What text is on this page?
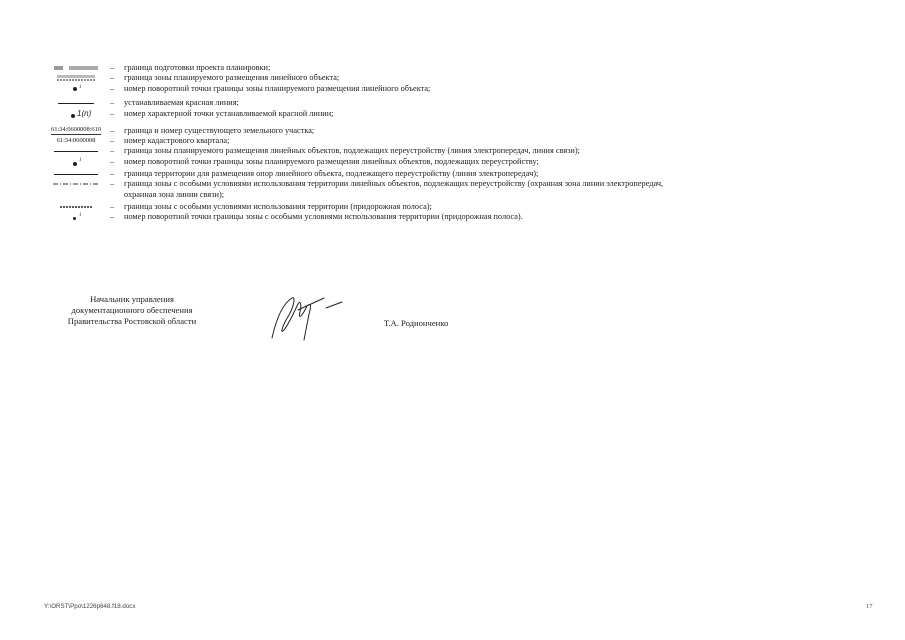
–	граница подготовки проекта планировки;
–	граница зоны планируемого размещения линейного объекта;
1	–	номер поворотной точки границы зоны планируемого размещения линейного объекта;
–	устанавливаемая красная линия;
1(n) –	номер характерной точки устанавливаемой красной линии;
61:34:0600008:610 –	граница и номер существующего земельного участка;
61:34:0600008 –	номер кадастрового квартала;
–	граница зоны планируемого размещения линейных объектов, подлежащих переустройству (линия электропередач, линия связи);
1	–	номер поворотной точки границы зоны планируемого размещения линейных объектов, подлежащих переустройству;
–	граница территории для размещения опор линейного объекта, подлежащего переустройству (линия электропередач);
–	граница зоны с особыми условиями использования территории линейных объектов, подлежащих переустройству (охранная зона линии электропередач,
охранная зона линии связи);
–	граница зоны с особыми условиями использования территории (придорожная полоса);
1	–	номер поворотной точки границы зоны с особыми условиями использования территории (придорожная полоса).
Начальник управления
документационного обеспечения
Правительства Ростовской области	Т.А. Родионченко
Y:\ORST\Ppo\1226p648.f18.docx	17
